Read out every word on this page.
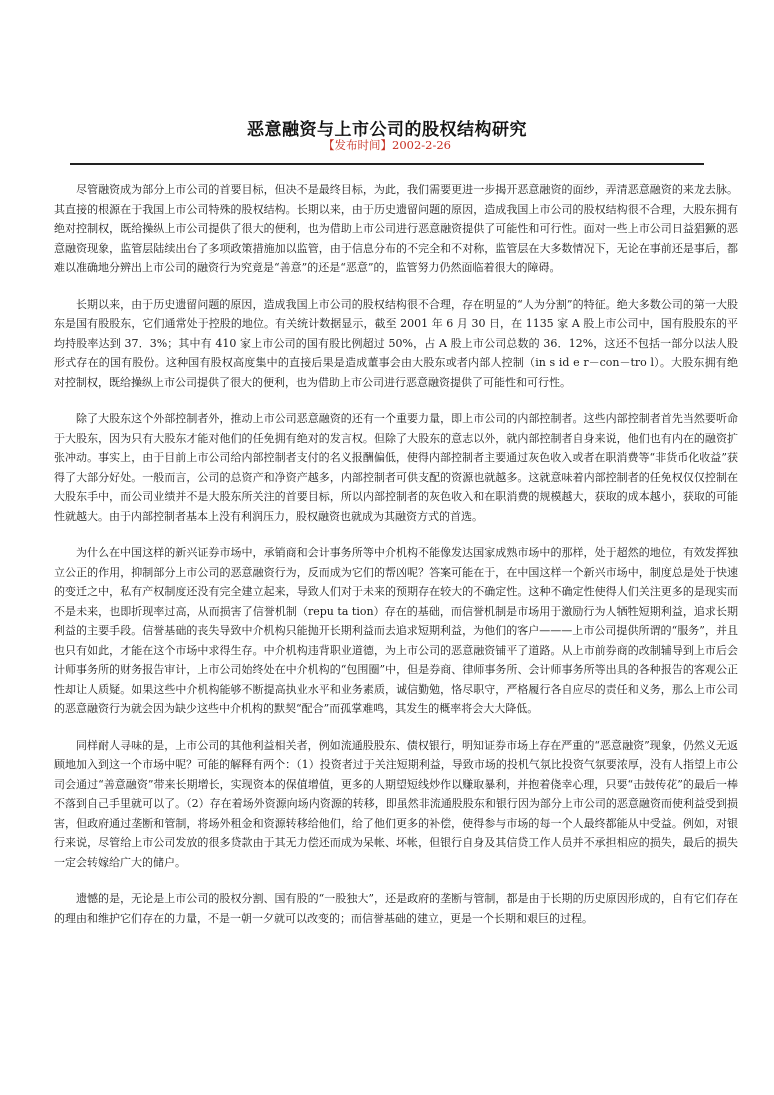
恶意融资与上市公司的股权结构研究
【发布时间】2002-2-26

尽管融资成为部分上市公司的首要目标，但决不是最终目标，为此，我们需要更进一步揭开恶意融资的面纱，弄清恶意融资的来龙去脉。其直接的根源在于我国上市公司特殊的股权结构。长期以来，由于历史遗留问题的原因，造成我国上市公司的股权结构很不合理，大股东拥有绝对控制权，既给操纵上市公司提供了很大的便利，也为借助上市公司进行恶意融资提供了可能性和可行性。面对一些上市公司日益猖獗的恶意融资现象，监管层陆续出台了多项政策措施加以监管，由于信息分布的不完全和不对称，监管层在大多数情况下，无论在事前还是事后，都难以准确地分辨出上市公司的融资行为究竟是“善意”的还是“恶意”的，监管努力仍然面临着很大的障碍。

长期以来，由于历史遗留问题的原因，造成我国上市公司的股权结构很不合理，存在明显的“人为分割”的特征。绝大多数公司的第一大股东是国有股股东，它们通常处于控股的地位。有关统计数据显示，截至 2001 年 6 月 30 日，在 1135 家 A 股上市公司中，国有股股东的平均持股率达到 37．3%；其中有 410 家上市公司的国有股比例超过 50%，占 A 股上市公司总数的 36．12%，这还不包括一部分以法人股形式存在的国有股份。这种国有股权高度集中的直接后果是造成董事会由大股东或者内部人控制（in s id e r－con－tro l）。大股东拥有绝对控制权，既给操纵上市公司提供了很大的便利，也为借助上市公司进行恶意融资提供了可能性和可行性。

除了大股东这个外部控制者外，推动上市公司恶意融资的还有一个重要力量，即上市公司的内部控制者。这些内部控制者首先当然要听命于大股东，因为只有大股东才能对他们的任免拥有绝对的发言权。但除了大股东的意志以外，就内部控制者自身来说，他们也有内在的融资扩张冲动。事实上，由于目前上市公司给内部控制者支付的名义报酬偏低，使得内部控制者主要通过灰色收入或者在职消费等“非货币化收益”获得了大部分好处。一般而言，公司的总资产和净资产越多，内部控制者可供支配的资源也就越多。这就意味着内部控制者的任免权仅仅控制在大股东手中，而公司业绩并不是大股东所关注的首要目标，所以内部控制者的灰色收入和在职消费的规模越大，获取的成本越小，获取的可能性就越大。由于内部控制者基本上没有利润压力，股权融资也就成为其融资方式的首选。

为什么在中国这样的新兴证券市场中，承销商和会计事务所等中介机构不能像发达国家成熟市场中的那样，处于超然的地位，有效发挥独立公正的作用，抑制部分上市公司的恶意融资行为，反而成为它们的帮凶呢？答案可能在于，在中国这样一个新兴市场中，制度总是处于快速的变迁之中，私有产权制度还没有完全建立起来，导致人们对于未来的预期存在较大的不确定性。这种不确定性使得人们关注更多的是现实而不是未来，也即折现率过高，从而损害了信誉机制（repu ta tion）存在的基础，而信誉机制是市场用于激励行为人牺牲短期利益，追求长期利益的主要手段。信誉基础的丧失导致中介机构只能抛开长期利益而去追求短期利益，为他们的客户———上市公司提供所谓的“服务”，并且也只有如此，才能在这个市场中求得生存。中介机构违背职业道德，为上市公司的恶意融资铺平了道路。从上市前券商的改制辅导到上市后会计师事务所的财务报告审计，上市公司始终处在中介机构的“包围圈”中，但是券商、律师事务所、会计师事务所等出具的各种报告的客观公正性却让人质疑。如果这些中介机构能够不断提高执业水平和业务素质，诚信勤勉，恪尽职守，严格履行各自应尽的责任和义务，那么上市公司的恶意融资行为就会因为缺少这些中介机构的默契“配合”而孤掌难鸣，其发生的概率将会大大降低。

同样耐人寻味的是，上市公司的其他利益相关者，例如流通股股东、债权银行，明知证券市场上存在严重的“恶意融资”现象，仍然义无返顾地加入到这一个市场中呢？可能的解释有两个：（1）投资者过于关注短期利益，导致市场的投机气氛比投资气氛要浓厚，没有人指望上市公司会通过“善意融资”带来长期增长，实现资本的保值增值，更多的人期望短线炒作以赚取暴利，并抱着侥幸心理，只要“击鼓传花”的最后一棒不落到自己手里就可以了。（2）存在着场外资源向场内资源的转移，即虽然非流通股股东和银行因为部分上市公司的恶意融资而使利益受到损害，但政府通过垄断和管制，将场外租金和资源转移给他们，给了他们更多的补偿，使得参与市场的每一个人最终都能从中受益。例如，对银行来说，尽管给上市公司发放的很多贷款由于其无力偿还而成为呆帐、坏帐，但银行自身及其信贷工作人员并不承担相应的损失，最后的损失一定会转嫁给广大的储户。

遗憾的是，无论是上市公司的股权分割、国有股的“一股独大”，还是政府的垄断与管制，都是由于长期的历史原因形成的，自有它们存在的理由和维护它们存在的力量，不是一朝一夕就可以改变的；而信誉基础的建立，更是一个长期和艰巨的过程。
